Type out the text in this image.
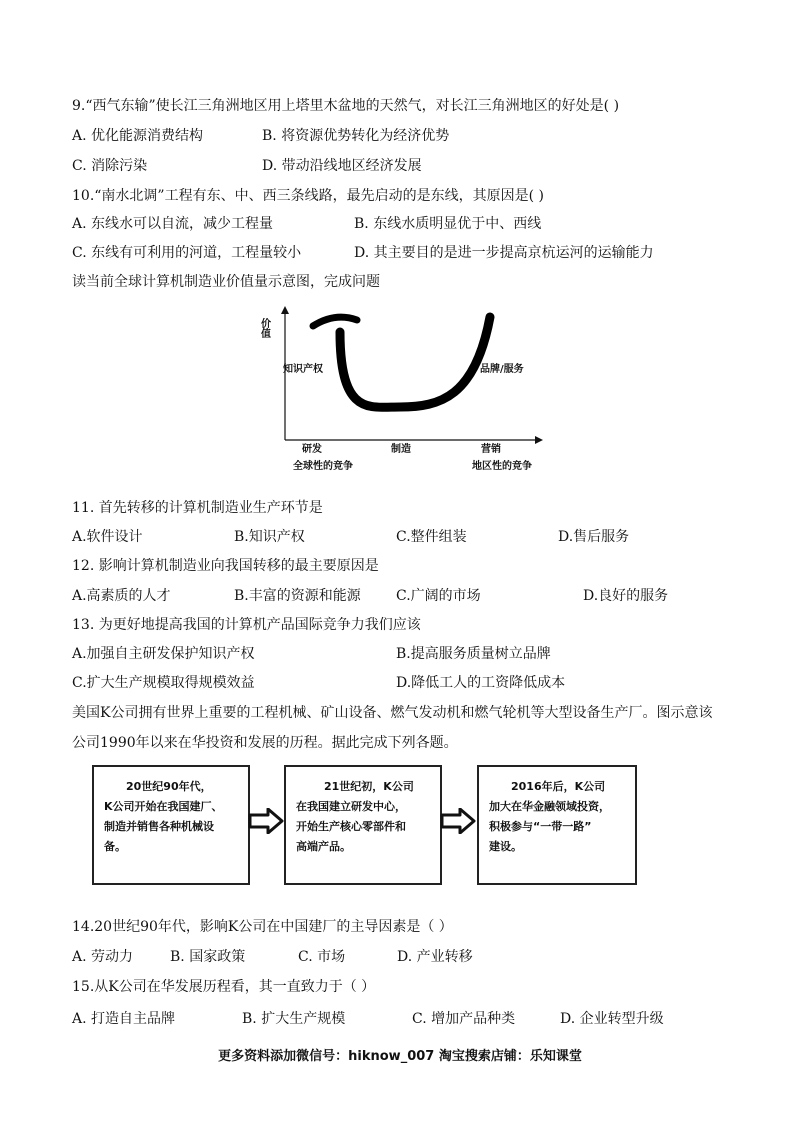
9.“西气东输”使长江三角洲地区用上塔里木盆地的天然气，对长江三角洲地区的好处是( )
A. 优化能源消费结构	B. 将资源优势转化为经济优势
C. 消除污染	D. 带动沿线地区经济发展
10.“南水北调”工程有东、中、西三条线路，最先启动的是东线，其原因是( )
A. 东线水可以自流，减少工程量	B. 东线水质明显优于中、西线
C. 东线有可利用的河道，工程量较小	D. 其主要目的是进一步提高京杭运河的运输能力
读当前全球计算机制造业价值量示意图，完成问题
价值
知识产权	品牌/服务
研发	制造	营销
全球性的竞争	地区性的竞争
11. 首先转移的计算机制造业生产环节是
A.软件设计	B.知识产权	C.整件组装	D.售后服务
12. 影响计算机制造业向我国转移的最主要原因是
A.高素质的人才	B.丰富的资源和能源	C.广阔的市场	D.良好的服务
13. 为更好地提高我国的计算机产品国际竞争力我们应该
A.加强自主研发保护知识产权	B.提高服务质量树立品牌
C.扩大生产规模取得规模效益	D.降低工人的工资降低成本
美国K公司拥有世界上重要的工程机械、矿山设备、燃气发动机和燃气轮机等大型设备生产厂。图示意该
公司1990年以来在华投资和发展的历程。据此完成下列各题。
20世纪90年代，
K公司开始在我国建厂、
制造并销售各种机械设
备。
21世纪初，K公司
在我国建立研发中心，
开始生产核心零部件和
高端产品。
2016年后，K公司
加大在华金融领域投资，
积极参与“一带一路”
建设。
14.20世纪90年代，影响K公司在中国建厂的主导因素是（ ）
A. 劳动力	B. 国家政策	C. 市场	D. 产业转移
15.从K公司在华发展历程看，其一直致力于（ ）
A. 打造自主品牌	B. 扩大生产规模	C. 增加产品种类	D. 企业转型升级
更多资料添加微信号：hiknow_007 淘宝搜索店铺：乐知课堂
